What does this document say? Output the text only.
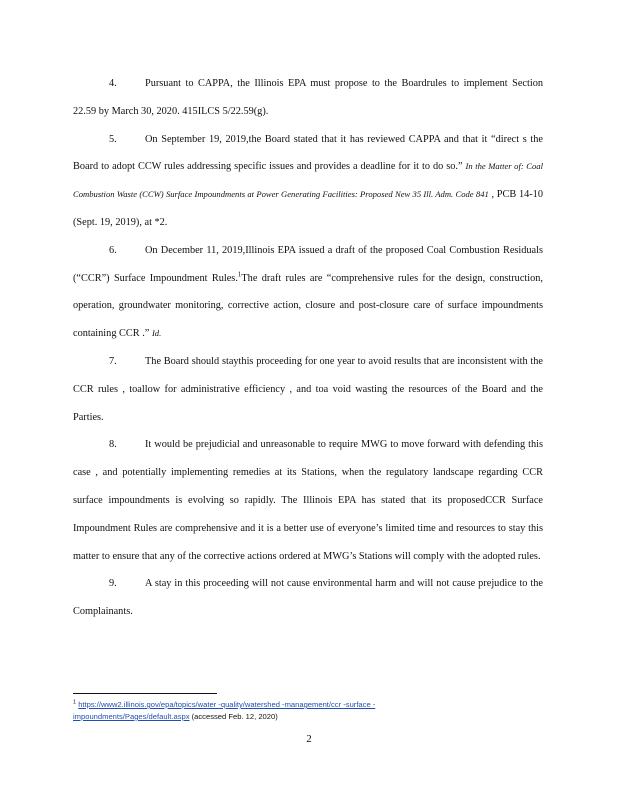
4.	Pursuant to CAPPA, the Illinois EPA must propose to the Boardrules to implement Section 22.59 by March 30, 2020. 415ILCS 5/22.59(g).

5.	On September 19, 2019,the Board stated that it has reviewed CAPPA and that it “direct s the Board to adopt CCW rules addressing specific issues and provides a deadline for it to do so.” In the Matter of: Coal Combustion Waste (CCW) Surface Impoundments at Power Generating Facilities: Proposed New 35 Ill. Adm. Code 841 , PCB 14-10 (Sept. 19, 2019), at *2.

6.	On December 11, 2019,Illinois EPA issued a draft of the proposed Coal Combustion Residuals (“CCR”) Surface Impoundment Rules.$^1$The draft rules are “comprehensive rules for the design, construction, operation, groundwater monitoring, corrective action, closure and post-closure care of surface impoundments containing CCR .” Id.

7.	The Board should staythis proceeding for one year to avoid results that are inconsistent with the CCR rules , toallow for administrative efficiency , and toa void wasting the resources of the Board and the Parties.

8.	It would be prejudicial and unreasonable to require MWG to move forward with defending this case , and potentially implementing remedies at its Stations, when the regulatory landscape regarding CCR surface impoundments is evolving so rapidly. The Illinois EPA has stated that its proposedCCR Surface Impoundment Rules are comprehensive and it is a better use of everyone’s limited time and resources to stay this matter to ensure that any of the corrective actions ordered at MWG’s Stations will comply with the adopted rules.

9.	A stay in this proceeding will not cause environmental harm and will not cause prejudice to the Complainants.

$^1$ https://www2.illinois.gov/epa/topics/water -quality/watershed -management/ccr -surface -impoundments/Pages/default.aspx (accessed Feb. 12, 2020)
2
